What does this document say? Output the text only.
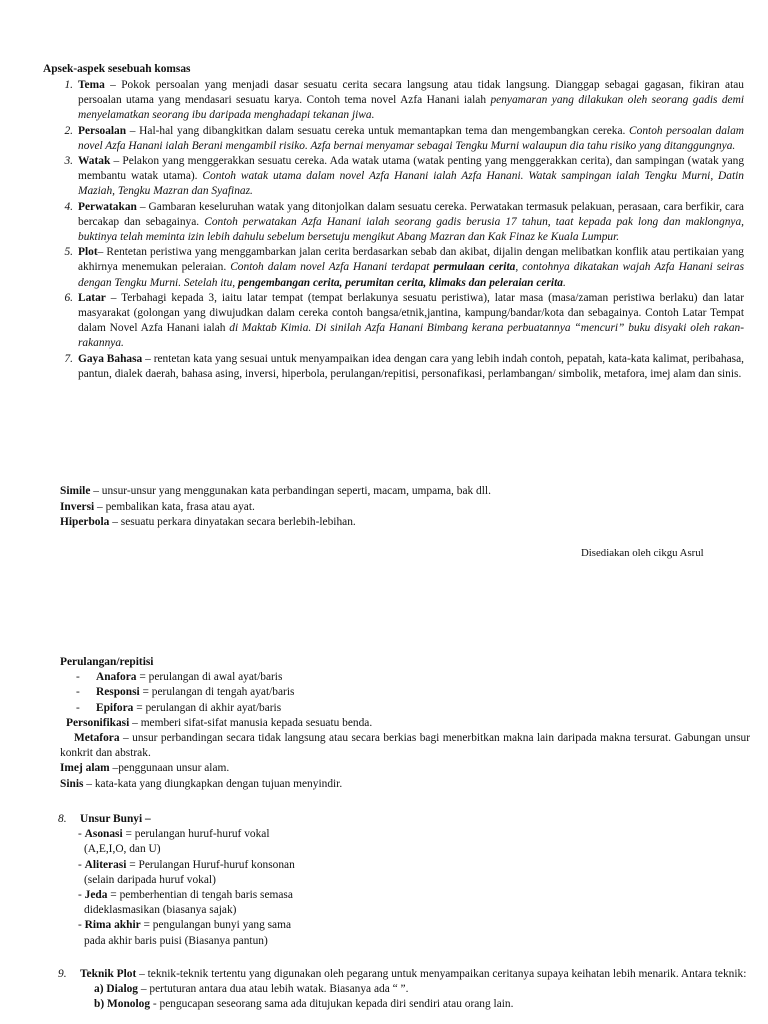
Apsek-aspek sesebuah komsas
1. Tema – Pokok persoalan yang menjadi dasar sesuatu cerita secara langsung atau tidak langsung. Dianggap sebagai gagasan, fikiran atau persoalan utama yang mendasari sesuatu karya. Contoh tema novel Azfa Hanani ialah penyamaran yang dilakukan oleh seorang gadis demi menyelamatkan seorang ibu daripada menghadapi tekanan jiwa.
2. Persoalan – Hal-hal yang dibangkitkan dalam sesuatu cereka untuk memantapkan tema dan mengembangkan cereka. Contoh persoalan dalam novel Azfa Hanani ialah Berani mengambil risiko. Azfa bernai menyamar sebagai Tengku Murni walaupun dia tahu risiko yang ditanggungnya.
3. Watak – Pelakon yang menggerakkan sesuatu cereka. Ada watak utama (watak penting yang menggerakkan cerita), dan sampingan (watak yang membantu watak utama). Contoh watak utama dalam novel Azfa Hanani ialah Azfa Hanani. Watak sampingan ialah Tengku Murni, Datin Maziah, Tengku Mazran dan Syafinaz.
4. Perwatakan – Gambaran keseluruhan watak yang ditonjolkan dalam sesuatu cereka. Perwatakan termasuk pelakuan, perasaan, cara berfikir, cara bercakap dan sebagainya. Contoh perwatakan Azfa Hanani ialah seorang gadis berusia 17 tahun, taat kepada pak long dan maklongnya, buktinya telah meminta izin lebih dahulu sebelum bersetuju mengikut Abang Mazran dan Kak Finaz ke Kuala Lumpur.
5. Plot– Rentetan peristiwa yang menggambarkan jalan cerita berdasarkan sebab dan akibat, dijalin dengan melibatkan konflik atau pertikaian yang akhirnya menemukan peleraian. Contoh dalam novel Azfa Hanani terdapat permulaan cerita, contohnya dikatakan wajah Azfa Hanani seiras dengan Tengku Murni. Setelah itu, pengembangan cerita, perumitan cerita, klimaks dan peleraian cerita.
6. Latar – Terbahagi kepada 3, iaitu latar tempat (tempat berlakunya sesuatu peristiwa), latar masa (masa/zaman peristiwa berlaku) dan latar masyarakat (golongan yang diwujudkan dalam cereka contoh bangsa/etnik,jantina, kampung/bandar/kota dan sebagainya. Contoh Latar Tempat dalam Novel Azfa Hanani ialah di Maktab Kimia. Di sinilah Azfa Hanani Bimbang kerana perbuatannya “mencuri” buku disyaki oleh rakan-rakannya.
7. Gaya Bahasa – rentetan kata yang sesuai untuk menyampaikan idea dengan cara yang lebih indah contoh, pepatah, kata-kata kalimat, peribahasa, pantun, dialek daerah, bahasa asing, inversi, hiperbola, perulangan/repitisi, personafikasi, perlambangan/ simbolik, metafora, imej alam dan sinis.
Simile – unsur-unsur yang menggunakan kata perbandingan seperti, macam, umpama, bak dll.
Inversi – pembalikan kata, frasa atau ayat.
Hiperbola – sesuatu perkara dinyatakan secara berlebih-lebihan.
Disediakan oleh cikgu Asrul
Perulangan/repitisi
-	Anafora = perulangan di awal ayat/baris
-	Responsi = perulangan di tengah ayat/baris
-	Epifora = perulangan di akhir ayat/baris
Personifikasi – memberi sifat-sifat manusia kepada sesuatu benda.
Metafora – unsur perbandingan secara tidak langsung atau secara berkias bagi menerbitkan makna lain daripada makna tersurat. Gabungan unsur konkrit dan abstrak.
Imej alam –penggunaan unsur alam.
Sinis – kata-kata yang diungkapkan dengan tujuan menyindir.
8. Unsur Bunyi –
- Asonasi = perulangan huruf-huruf vokal
(A,E,I,O, dan U)
- Aliterasi = Perulangan Huruf-huruf konsonan
(selain daripada huruf vokal)
- Jeda = pemberhentian di tengah baris semasa
dideklasmasikan (biasanya sajak)
- Rima akhir = pengulangan bunyi yang sama
pada akhir baris puisi (Biasanya pantun)
9.	Teknik Plot – teknik-teknik tertentu yang digunakan oleh pegarang untuk menyampaikan ceritanya supaya keihatan lebih menarik. Antara teknik:
a) Dialog – pertuturan antara dua atau lebih watak. Biasanya ada “ ”.
b) Monolog - pengucapan seseorang sama ada ditujukan kepada diri sendiri atau orang lain.
